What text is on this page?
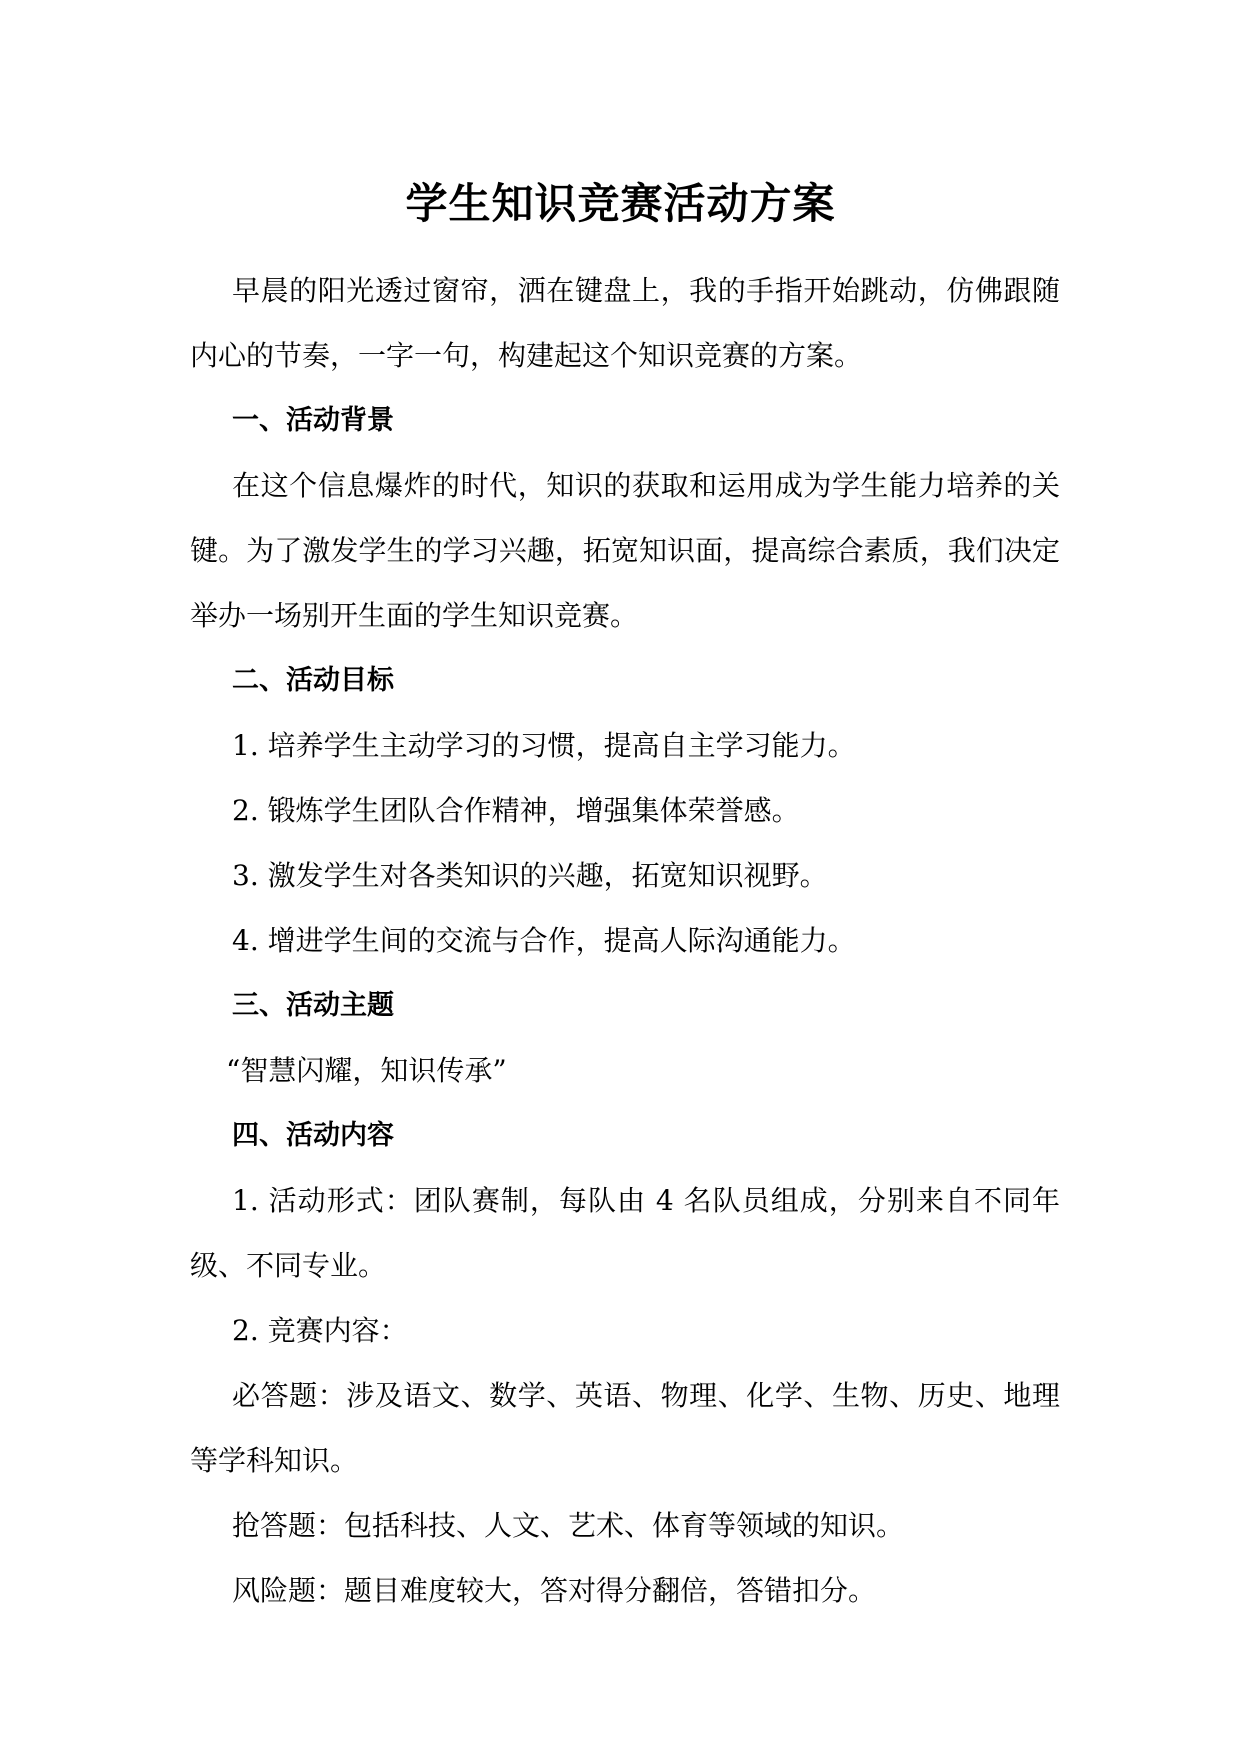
学生知识竞赛活动方案

早晨的阳光透过窗帘，洒在键盘上，我的手指开始跳动，仿佛跟随内心的节奏，一字一句，构建起这个知识竞赛的方案。

一、活动背景

在这个信息爆炸的时代，知识的获取和运用成为学生能力培养的关键。为了激发学生的学习兴趣，拓宽知识面，提高综合素质，我们决定举办一场别开生面的学生知识竞赛。

二、活动目标

1. 培养学生主动学习的习惯，提高自主学习能力。

2. 锻炼学生团队合作精神，增强集体荣誉感。

3. 激发学生对各类知识的兴趣，拓宽知识视野。

4. 增进学生间的交流与合作，提高人际沟通能力。

三、活动主题

“智慧闪耀，知识传承”

四、活动内容

1. 活动形式：团队赛制，每队由 4 名队员组成，分别来自不同年级、不同专业。

2. 竞赛内容：

必答题：涉及语文、数学、英语、物理、化学、生物、历史、地理等学科知识。

抢答题：包括科技、人文、艺术、体育等领域的知识。

风险题：题目难度较大，答对得分翻倍，答错扣分。
